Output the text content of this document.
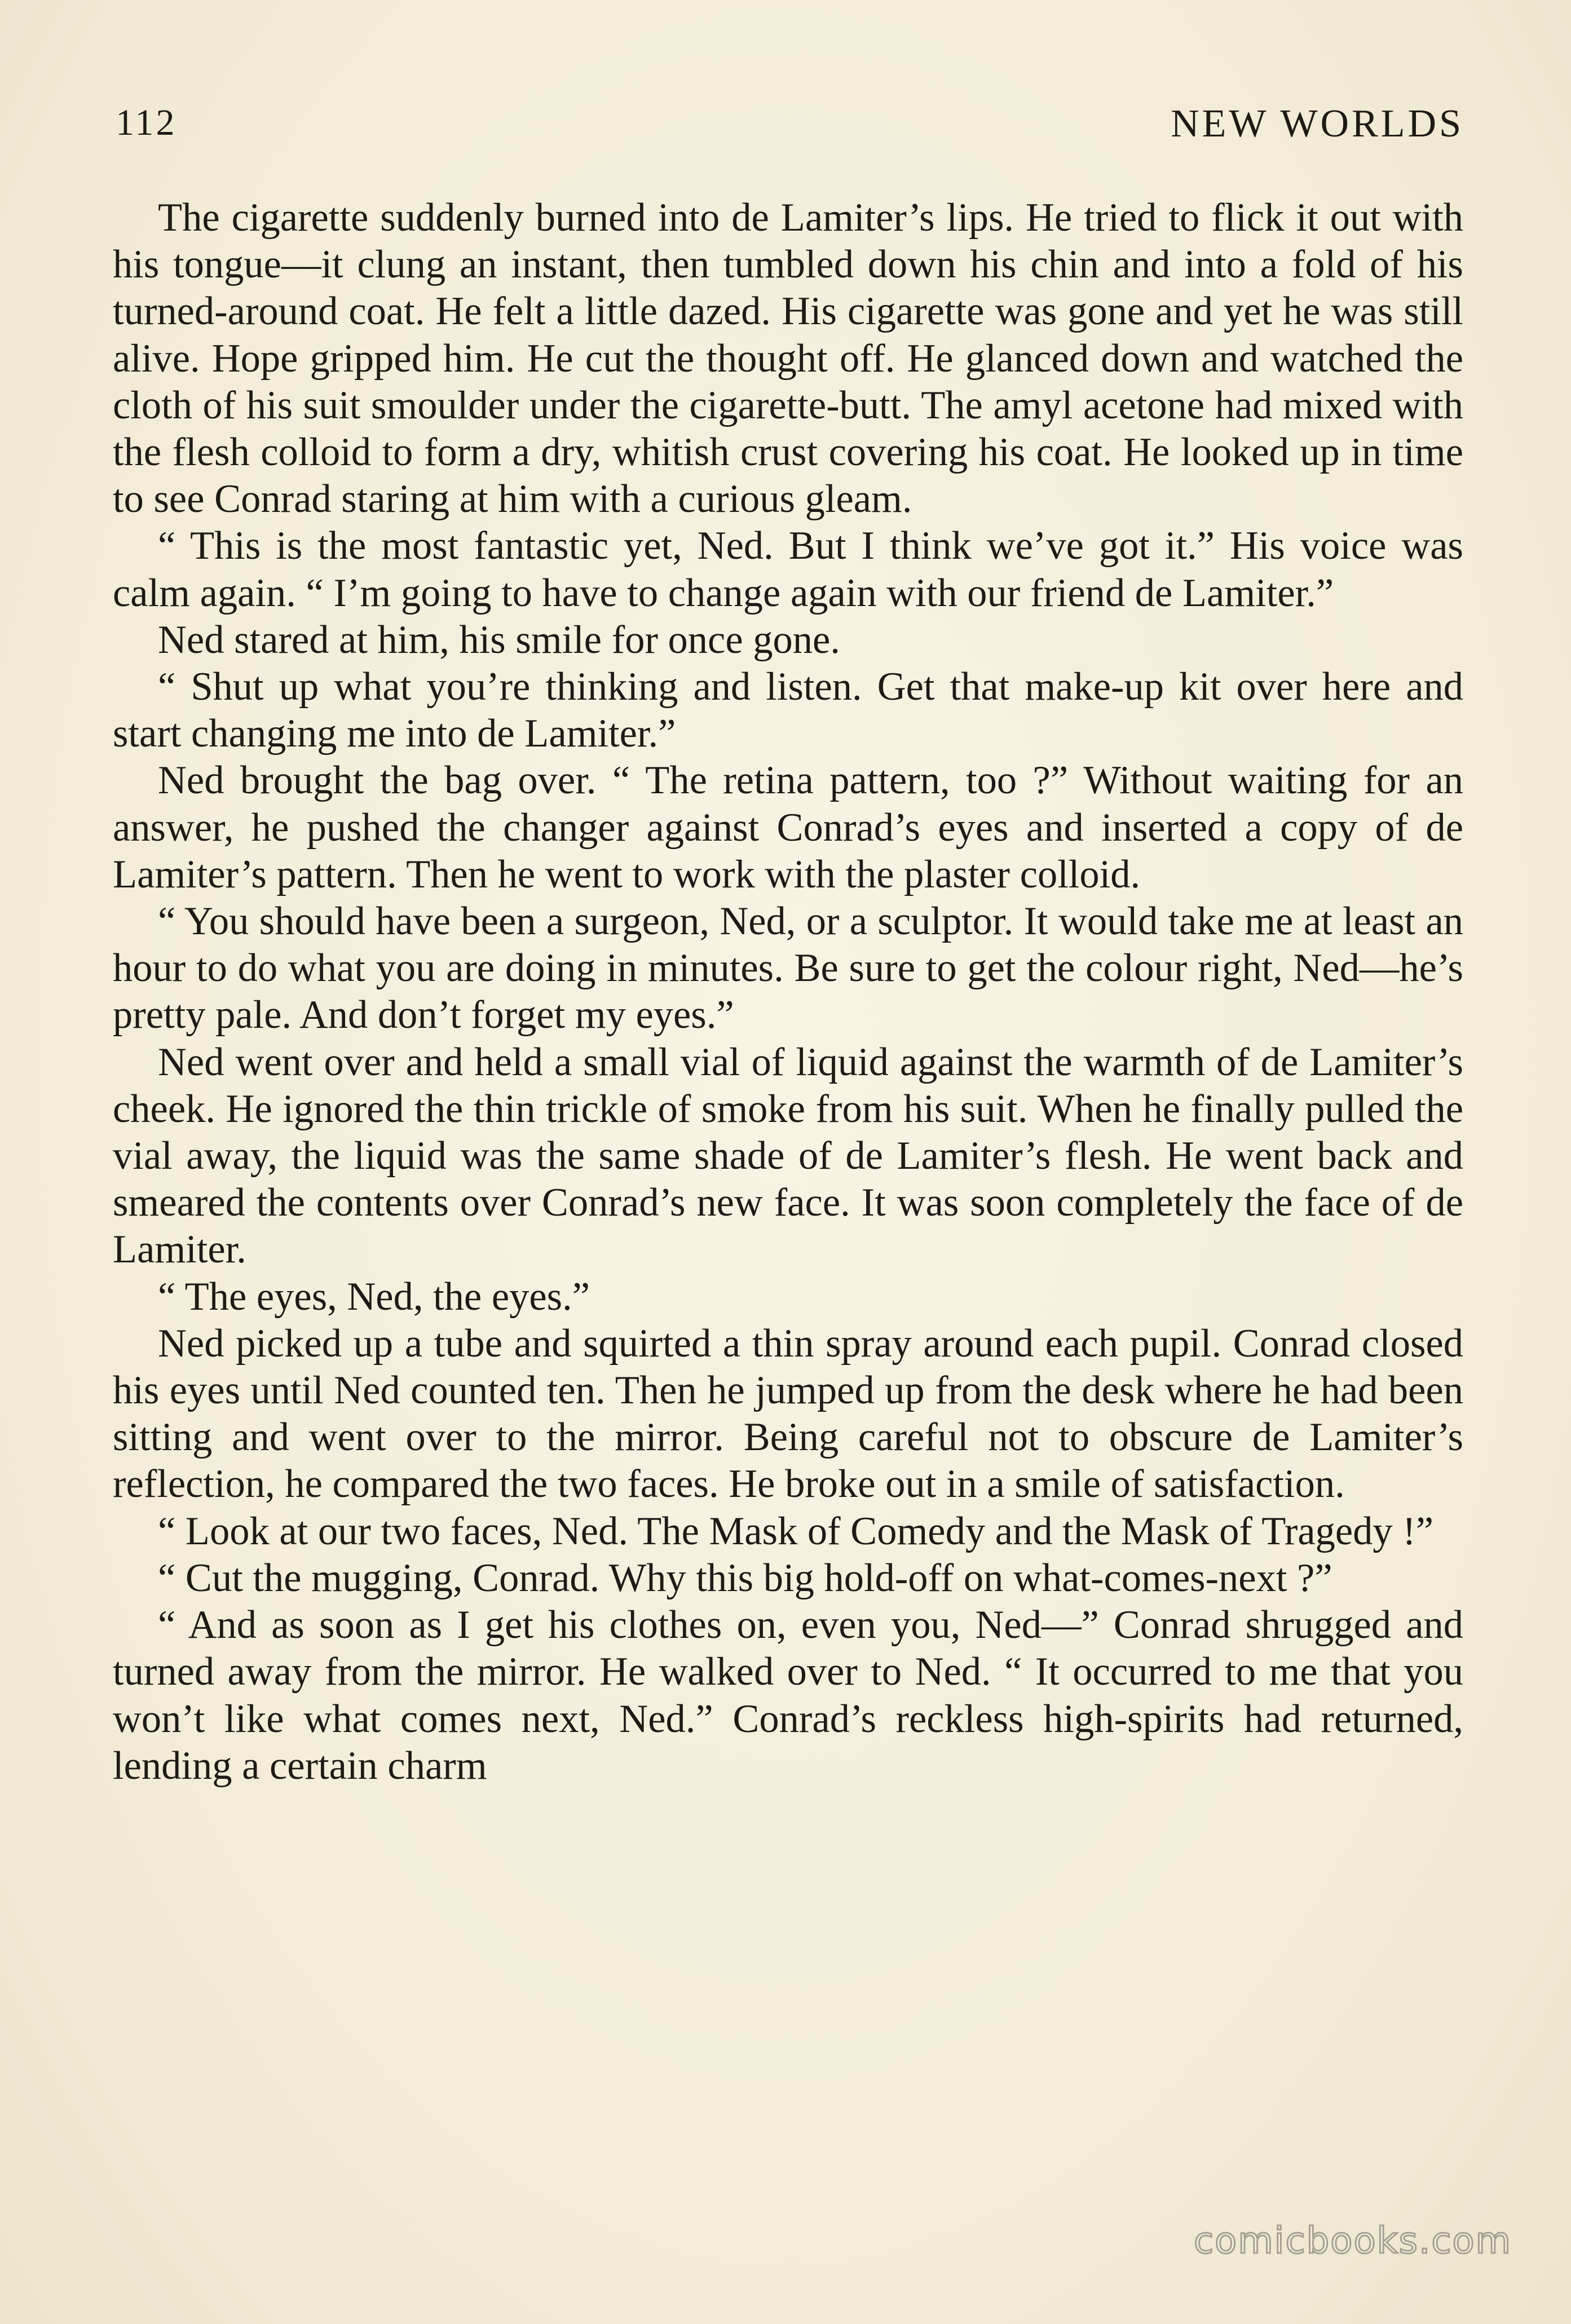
112	NEW WORLDS

The cigarette suddenly burned into de Lamiter’s lips. He tried to flick it out with his tongue—it clung an instant, then tumbled down his chin and into a fold of his turned-around coat. He felt a little dazed. His cigarette was gone and yet he was still alive. Hope gripped him. He cut the thought off. He glanced down and watched the cloth of his suit smoulder under the cigarette-butt. The amyl acetone had mixed with the flesh colloid to form a dry, whitish crust covering his coat. He looked up in time to see Conrad staring at him with a curious gleam.

“ This is the most fantastic yet, Ned. But I think we’ve got it.” His voice was calm again. “ I’m going to have to change again with our friend de Lamiter.”

Ned stared at him, his smile for once gone.

“ Shut up what you’re thinking and listen. Get that make-up kit over here and start changing me into de Lamiter.”

Ned brought the bag over. “ The retina pattern, too ?” Without waiting for an answer, he pushed the changer against Conrad’s eyes and inserted a copy of de Lamiter’s pattern. Then he went to work with the plaster colloid.

“ You should have been a surgeon, Ned, or a sculptor. It would take me at least an hour to do what you are doing in minutes. Be sure to get the colour right, Ned—he’s pretty pale. And don’t forget my eyes.”

Ned went over and held a small vial of liquid against the warmth of de Lamiter’s cheek. He ignored the thin trickle of smoke from his suit. When he finally pulled the vial away, the liquid was the same shade of de Lamiter’s flesh. He went back and smeared the contents over Conrad’s new face. It was soon completely the face of de Lamiter.

“ The eyes, Ned, the eyes.”

Ned picked up a tube and squirted a thin spray around each pupil. Conrad closed his eyes until Ned counted ten. Then he jumped up from the desk where he had been sitting and went over to the mirror. Being careful not to obscure de Lamiter’s reflection, he compared the two faces. He broke out in a smile of satisfaction.

“ Look at our two faces, Ned. The Mask of Comedy and the Mask of Tragedy !”

“ Cut the mugging, Conrad. Why this big hold-off on what-comes-next ?”

“ And as soon as I get his clothes on, even you, Ned—” Conrad shrugged and turned away from the mirror. He walked over to Ned. “ It occurred to me that you won’t like what comes next, Ned.” Conrad’s reckless high-spirits had returned, lending a certain charm

comicbooks.com
